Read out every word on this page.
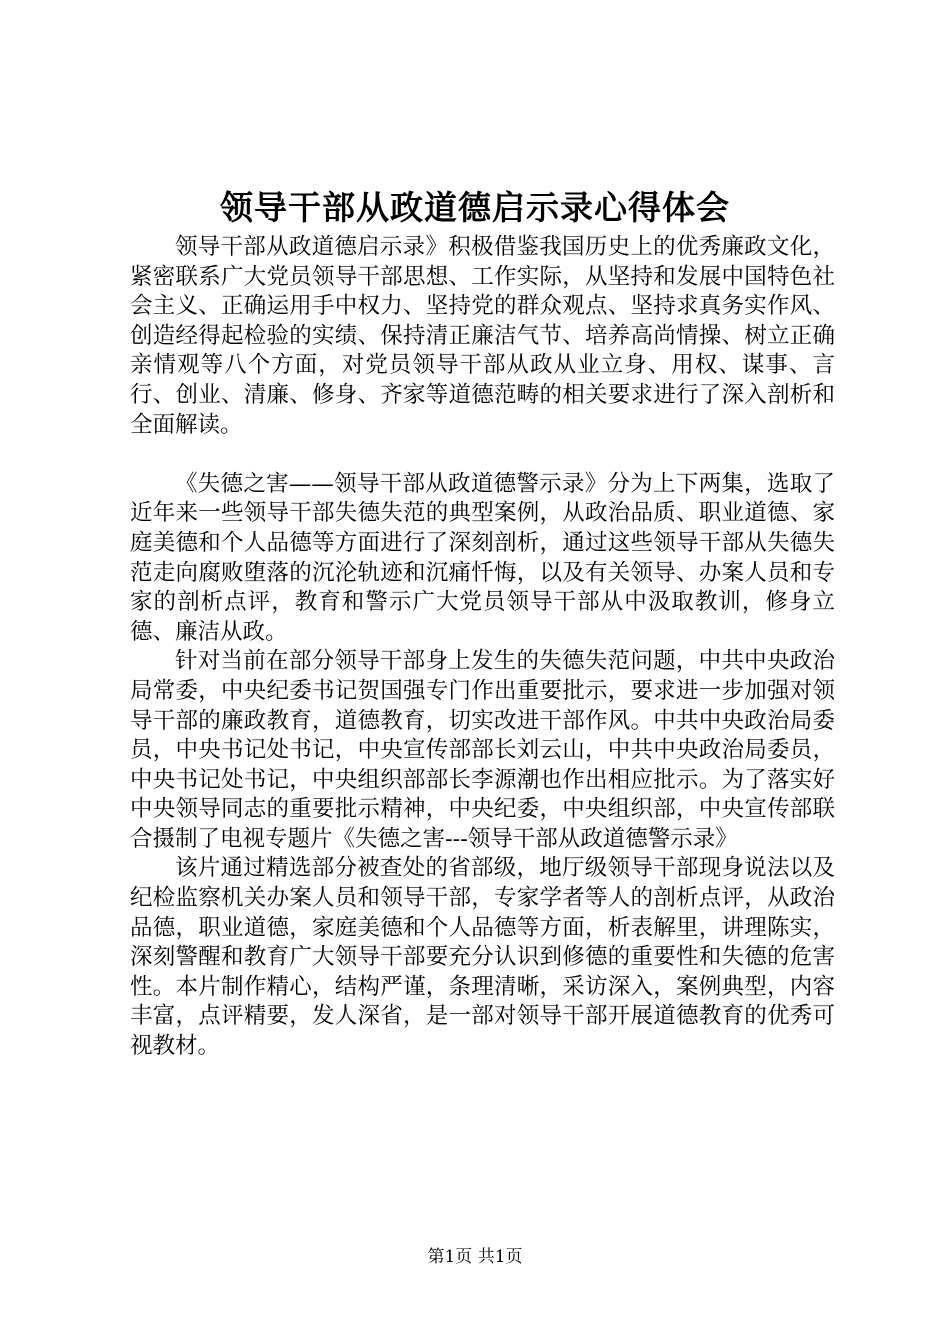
领导干部从政道德启示录心得体会

领导干部从政道德启示录》积极借鉴我国历史上的优秀廉政文化，紧密联系广大党员领导干部思想、工作实际，从坚持和发展中国特色社会主义、正确运用手中权力、坚持党的群众观点、坚持求真务实作风、创造经得起检验的实绩、保持清正廉洁气节、培养高尚情操、树立正确亲情观等八个方面，对党员领导干部从政从业立身、用权、谋事、言行、创业、清廉、修身、齐家等道德范畴的相关要求进行了深入剖析和全面解读。

《失德之害——领导干部从政道德警示录》分为上下两集，选取了近年来一些领导干部失德失范的典型案例，从政治品质、职业道德、家庭美德和个人品德等方面进行了深刻剖析，通过这些领导干部从失德失范走向腐败堕落的沉沦轨迹和沉痛忏悔，以及有关领导、办案人员和专家的剖析点评，教育和警示广大党员领导干部从中汲取教训，修身立德、廉洁从政。

针对当前在部分领导干部身上发生的失德失范问题，中共中央政治局常委，中央纪委书记贺国强专门作出重要批示，要求进一步加强对领导干部的廉政教育，道德教育，切实改进干部作风。中共中央政治局委员，中央书记处书记，中央宣传部部长刘云山，中共中央政治局委员，中央书记处书记，中央组织部部长李源潮也作出相应批示。为了落实好中央领导同志的重要批示精神，中央纪委，中央组织部，中央宣传部联合摄制了电视专题片《失德之害---领导干部从政道德警示录》

该片通过精选部分被查处的省部级，地厅级领导干部现身说法以及纪检监察机关办案人员和领导干部，专家学者等人的剖析点评，从政治品德，职业道德，家庭美德和个人品德等方面，析表解里，讲理陈实，深刻警醒和教育广大领导干部要充分认识到修德的重要性和失德的危害性。本片制作精心，结构严谨，条理清晰，采访深入，案例典型，内容丰富，点评精要，发人深省，是一部对领导干部开展道德教育的优秀可视教材。

第1页 共1页
